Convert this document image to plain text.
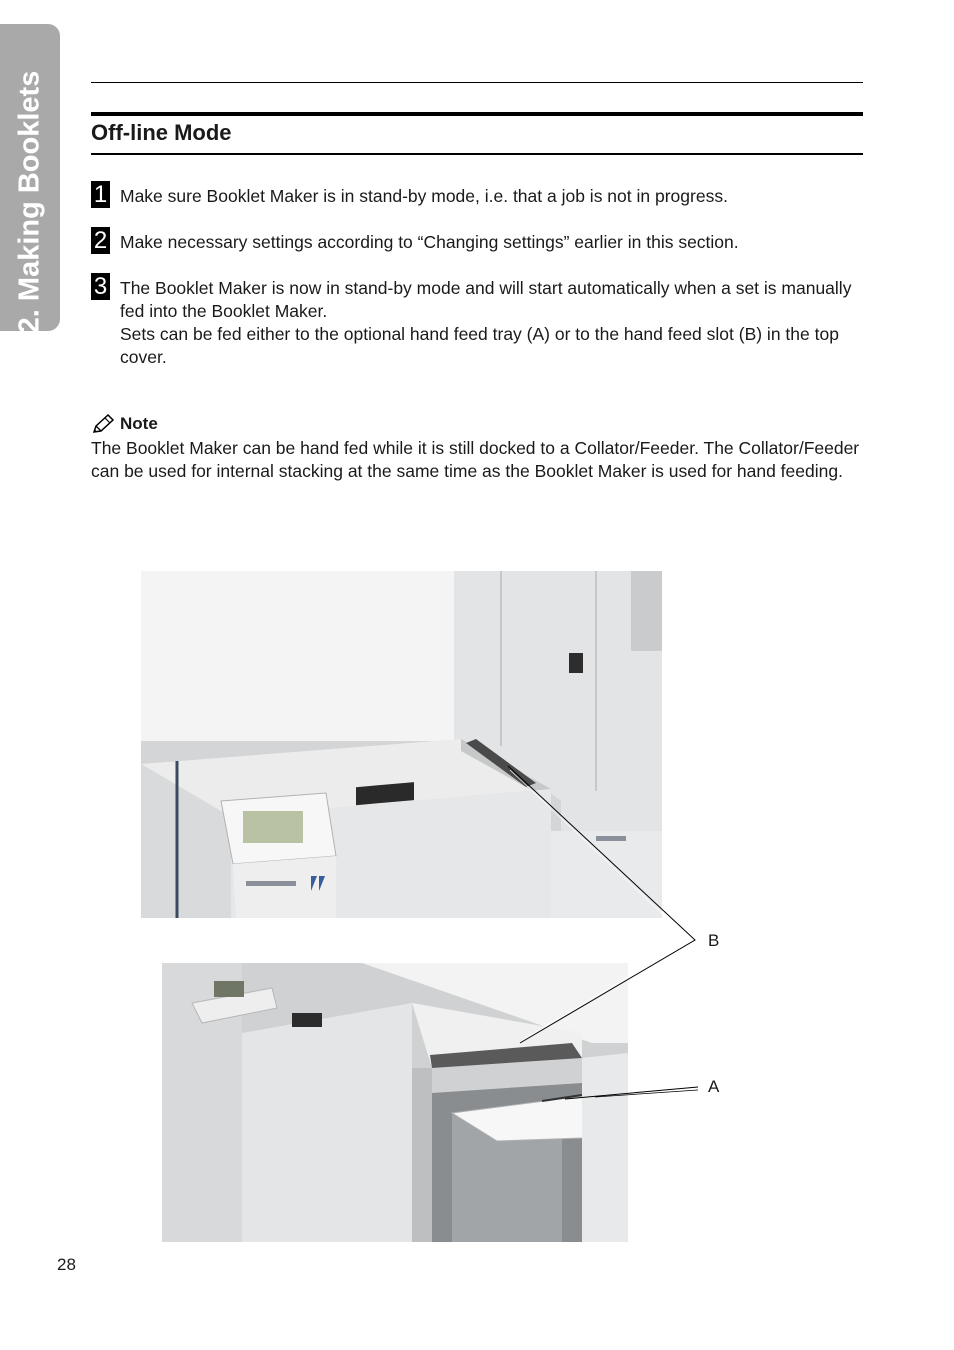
2. Making Booklets Off-line Mode
1 Make sure Booklet Maker is in stand-by mode, i.e. that a job is not in progress.

2 Make necessary settings according to “Changing settings” earlier in this section.

3 The Booklet Maker is now in stand-by mode and will start automatically when a set is manually fed into the Booklet Maker.

Sets can be fed either to the optional hand feed tray (A) or to the hand feed slot (B) in the top cover.

Note
The Booklet Maker can be hand fed while it is still docked to a Collator/Feeder. The Collator/Feeder can be used for internal stacking at the same time as the Booklet Maker is used for hand feeding.
B
A
28
